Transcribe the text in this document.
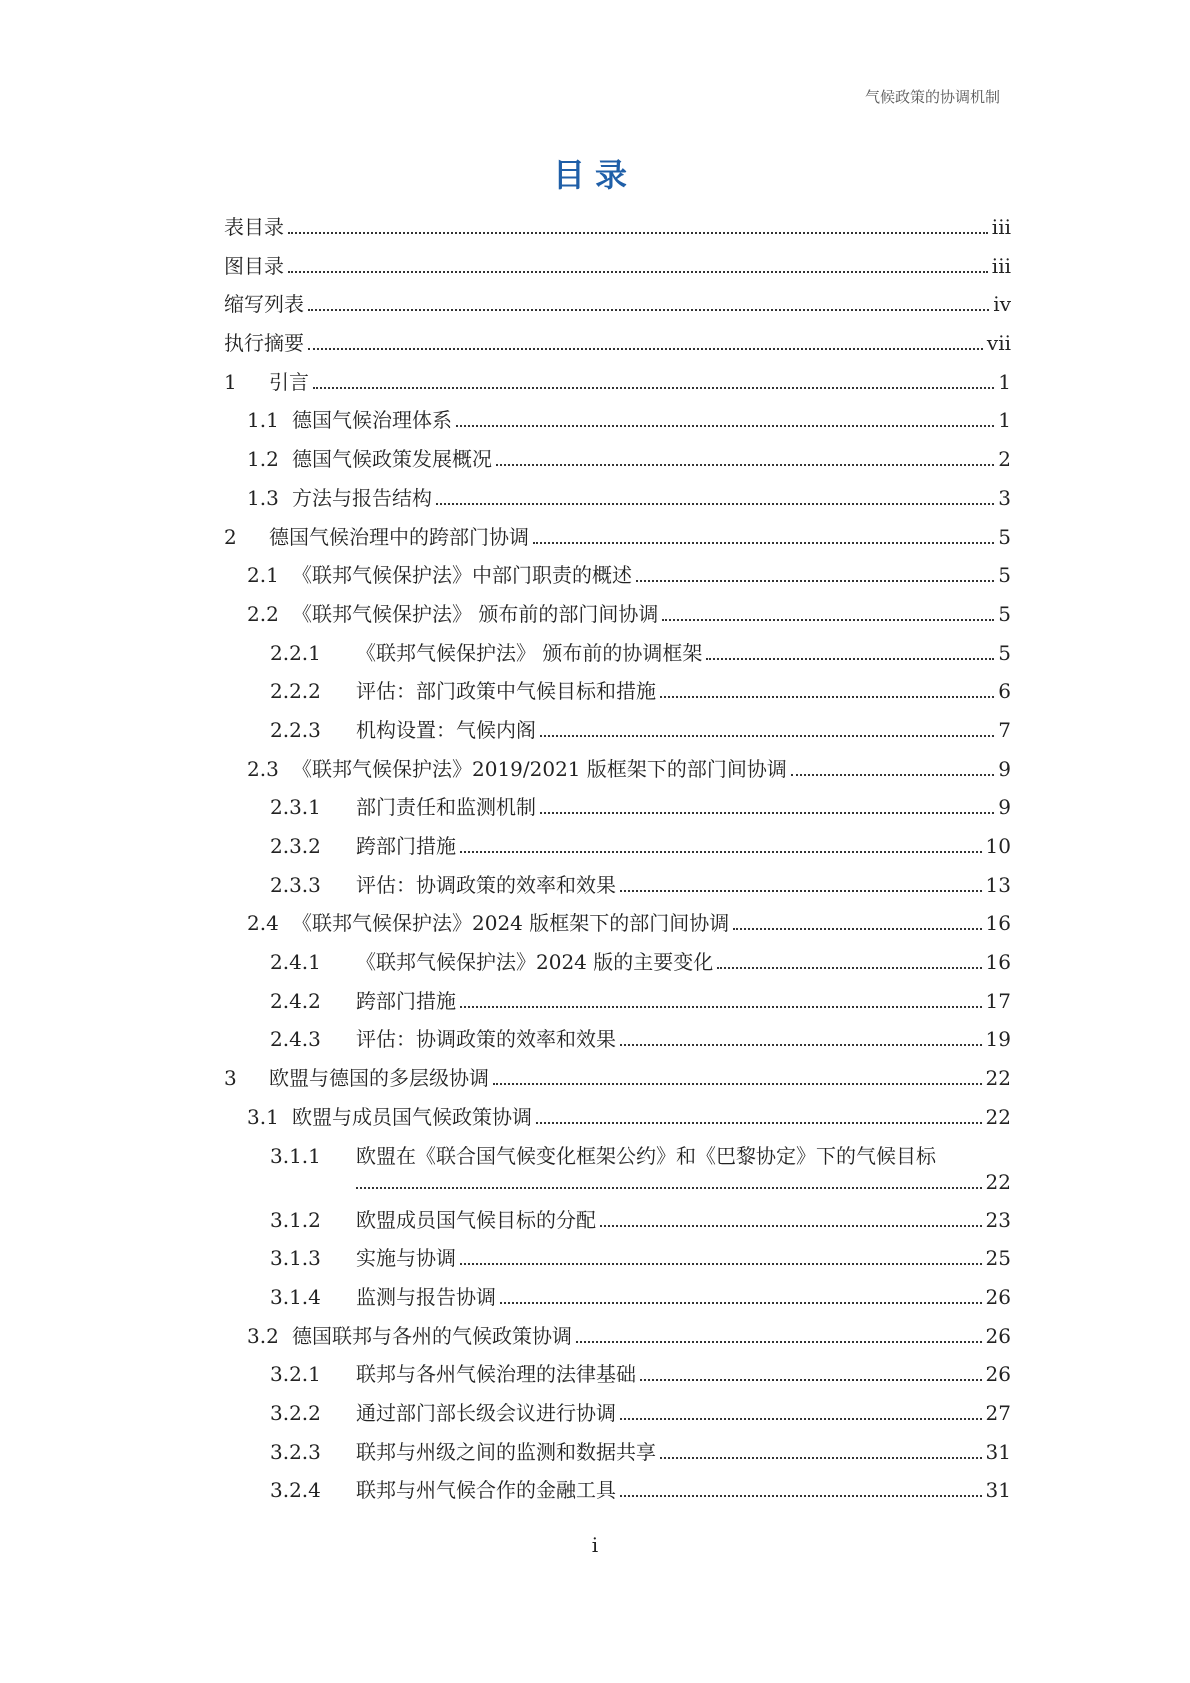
气候政策的协调机制
目录
表目录	iii
图目录	iii
缩写列表	iv
执行摘要	vii
1	引言	1
1.1 德国气候治理体系	1
1.2 德国气候政策发展概况	2
1.3 方法与报告结构	3
2	德国气候治理中的跨部门协调	5
2.1 《联邦气候保护法》中部门职责的概述	5
2.2 《联邦气候保护法》 颁布前的部门间协调	5
2.2.1	《联邦气候保护法》 颁布前的协调框架	5
2.2.2	评估：部门政策中气候目标和措施	6
2.2.3	机构设置：气候内阁	7
2.3 《联邦气候保护法》2019/2021 版框架下的部门间协调	9
2.3.1	部门责任和监测机制	9
2.3.2	跨部门措施	10
2.3.3	评估：协调政策的效率和效果	13
2.4 《联邦气候保护法》2024 版框架下的部门间协调	16
2.4.1	《联邦气候保护法》2024 版的主要变化	16
2.4.2	跨部门措施	17
2.4.3	评估：协调政策的效率和效果	19
3	欧盟与德国的多层级协调	22
3.1 欧盟与成员国气候政策协调	22
3.1.1	欧盟在《联合国气候变化框架公约》和《巴黎协定》下的气候目标
22
3.1.2	欧盟成员国气候目标的分配	23
3.1.3	实施与协调	25
3.1.4	监测与报告协调	26
3.2 德国联邦与各州的气候政策协调	26
3.2.1	联邦与各州气候治理的法律基础	26
3.2.2	通过部门部长级会议进行协调	27
3.2.3	联邦与州级之间的监测和数据共享	31
3.2.4	联邦与州气候合作的金融工具	31
i
